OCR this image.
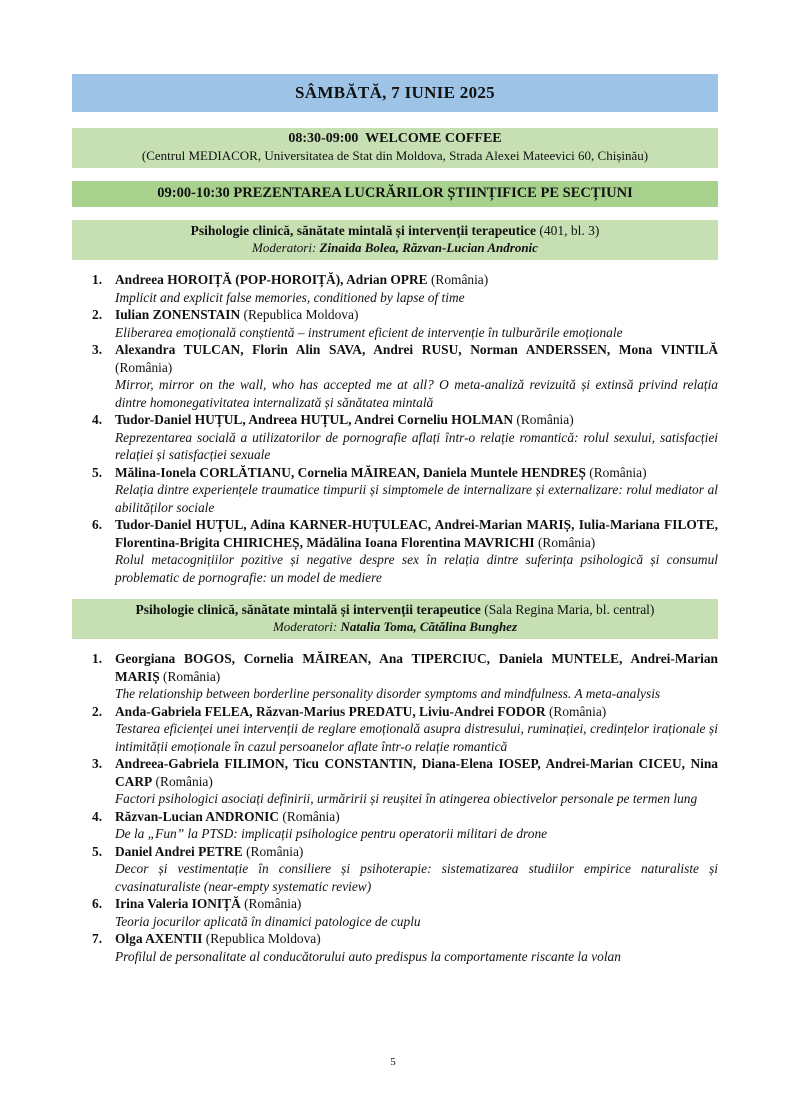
SÂMBĂTĂ, 7 IUNIE 2025
08:30-09:00  WELCOME COFFEE
(Centrul MEDIACOR, Universitatea de Stat din Moldova, Strada Alexei Mateevici 60, Chișinău)
09:00-10:30 PREZENTAREA LUCRĂRILOR ȘTIINȚIFICE PE SECȚIUNI
Psihologie clinică, sănătate mintală și intervenții terapeutice (401, bl. 3)
Moderatori: Zinaida Bolea, Răzvan-Lucian Andronic
1. Andreea HOROIȚĂ (POP-HOROIȚĂ), Adrian OPRE (România)
Implicit and explicit false memories, conditioned by lapse of time
2. Iulian ZONENSTAIN (Republica Moldova)
Eliberarea emoțională conștientă – instrument eficient de intervenție în tulburările emoționale
3. Alexandra TULCAN, Florin Alin SAVA, Andrei RUSU, Norman ANDERSSEN, Mona VINTILĂ (România)
Mirror, mirror on the wall, who has accepted me at all? O meta-analiză revizuită și extinsă privind relația dintre homonegativitatea internalizată și sănătatea mintală
4. Tudor-Daniel HUȚUL, Andreea HUȚUL, Andrei Corneliu HOLMAN (România)
Reprezentarea socială a utilizatorilor de pornografie aflați într-o relație romantică: rolul sexului, satisfacției relației și satisfacției sexuale
5. Mălina-Ionela CORLĂTIANU, Cornelia MĂIREAN, Daniela Muntele HENDREȘ (România)
Relația dintre experiențele traumatice timpurii și simptomele de internalizare și externalizare: rolul mediator al abilităților sociale
6. Tudor-Daniel HUȚUL, Adina KARNER-HUȚULEAC, Andrei-Marian MARIȘ, Iulia-Mariana FILOTE, Florentina-Brigita CHIRICHEȘ, Mădălina Ioana Florentina MAVRICHI (România)
Rolul metacognițiilor pozitive și negative despre sex în relația dintre suferința psihologică și consumul problematic de pornografie: un model de mediere
Psihologie clinică, sănătate mintală și intervenții terapeutice (Sala Regina Maria, bl. central)
Moderatori: Natalia Toma, Cătălina Bunghez
1. Georgiana BOGOS, Cornelia MĂIREAN, Ana TIPERCIUC, Daniela MUNTELE, Andrei-Marian MARIȘ (România)
The relationship between borderline personality disorder symptoms and mindfulness. A meta-analysis
2. Anda-Gabriela FELEA, Răzvan-Marius PREDATU, Liviu-Andrei FODOR (România)
Testarea eficienței unei intervenții de reglare emoțională asupra distresului, ruminației, credințelor iraționale și intimității emoționale în cazul persoanelor aflate într-o relație romantică
3. Andreea-Gabriela FILIMON, Ticu CONSTANTIN, Diana-Elena IOSEP, Andrei-Marian CICEU, Nina CARP (România)
Factori psihologici asociați definirii, urmăririi și reușitei în atingerea obiectivelor personale pe termen lung
4. Răzvan-Lucian ANDRONIC (România)
De la „Fun” la PTSD: implicații psihologice pentru operatorii militari de drone
5. Daniel Andrei PETRE (România)
Decor și vestimentație în consiliere și psihoterapie: sistematizarea studiilor empirice naturaliste și cvasinaturaliste (near-empty systematic review)
6. Irina Valeria IONIȚĂ (România)
Teoria jocurilor aplicată în dinamici patologice de cuplu
7. Olga AXENTII (Republica Moldova)
Profilul de personalitate al conducătorului auto predispus la comportamente riscante la volan
5
